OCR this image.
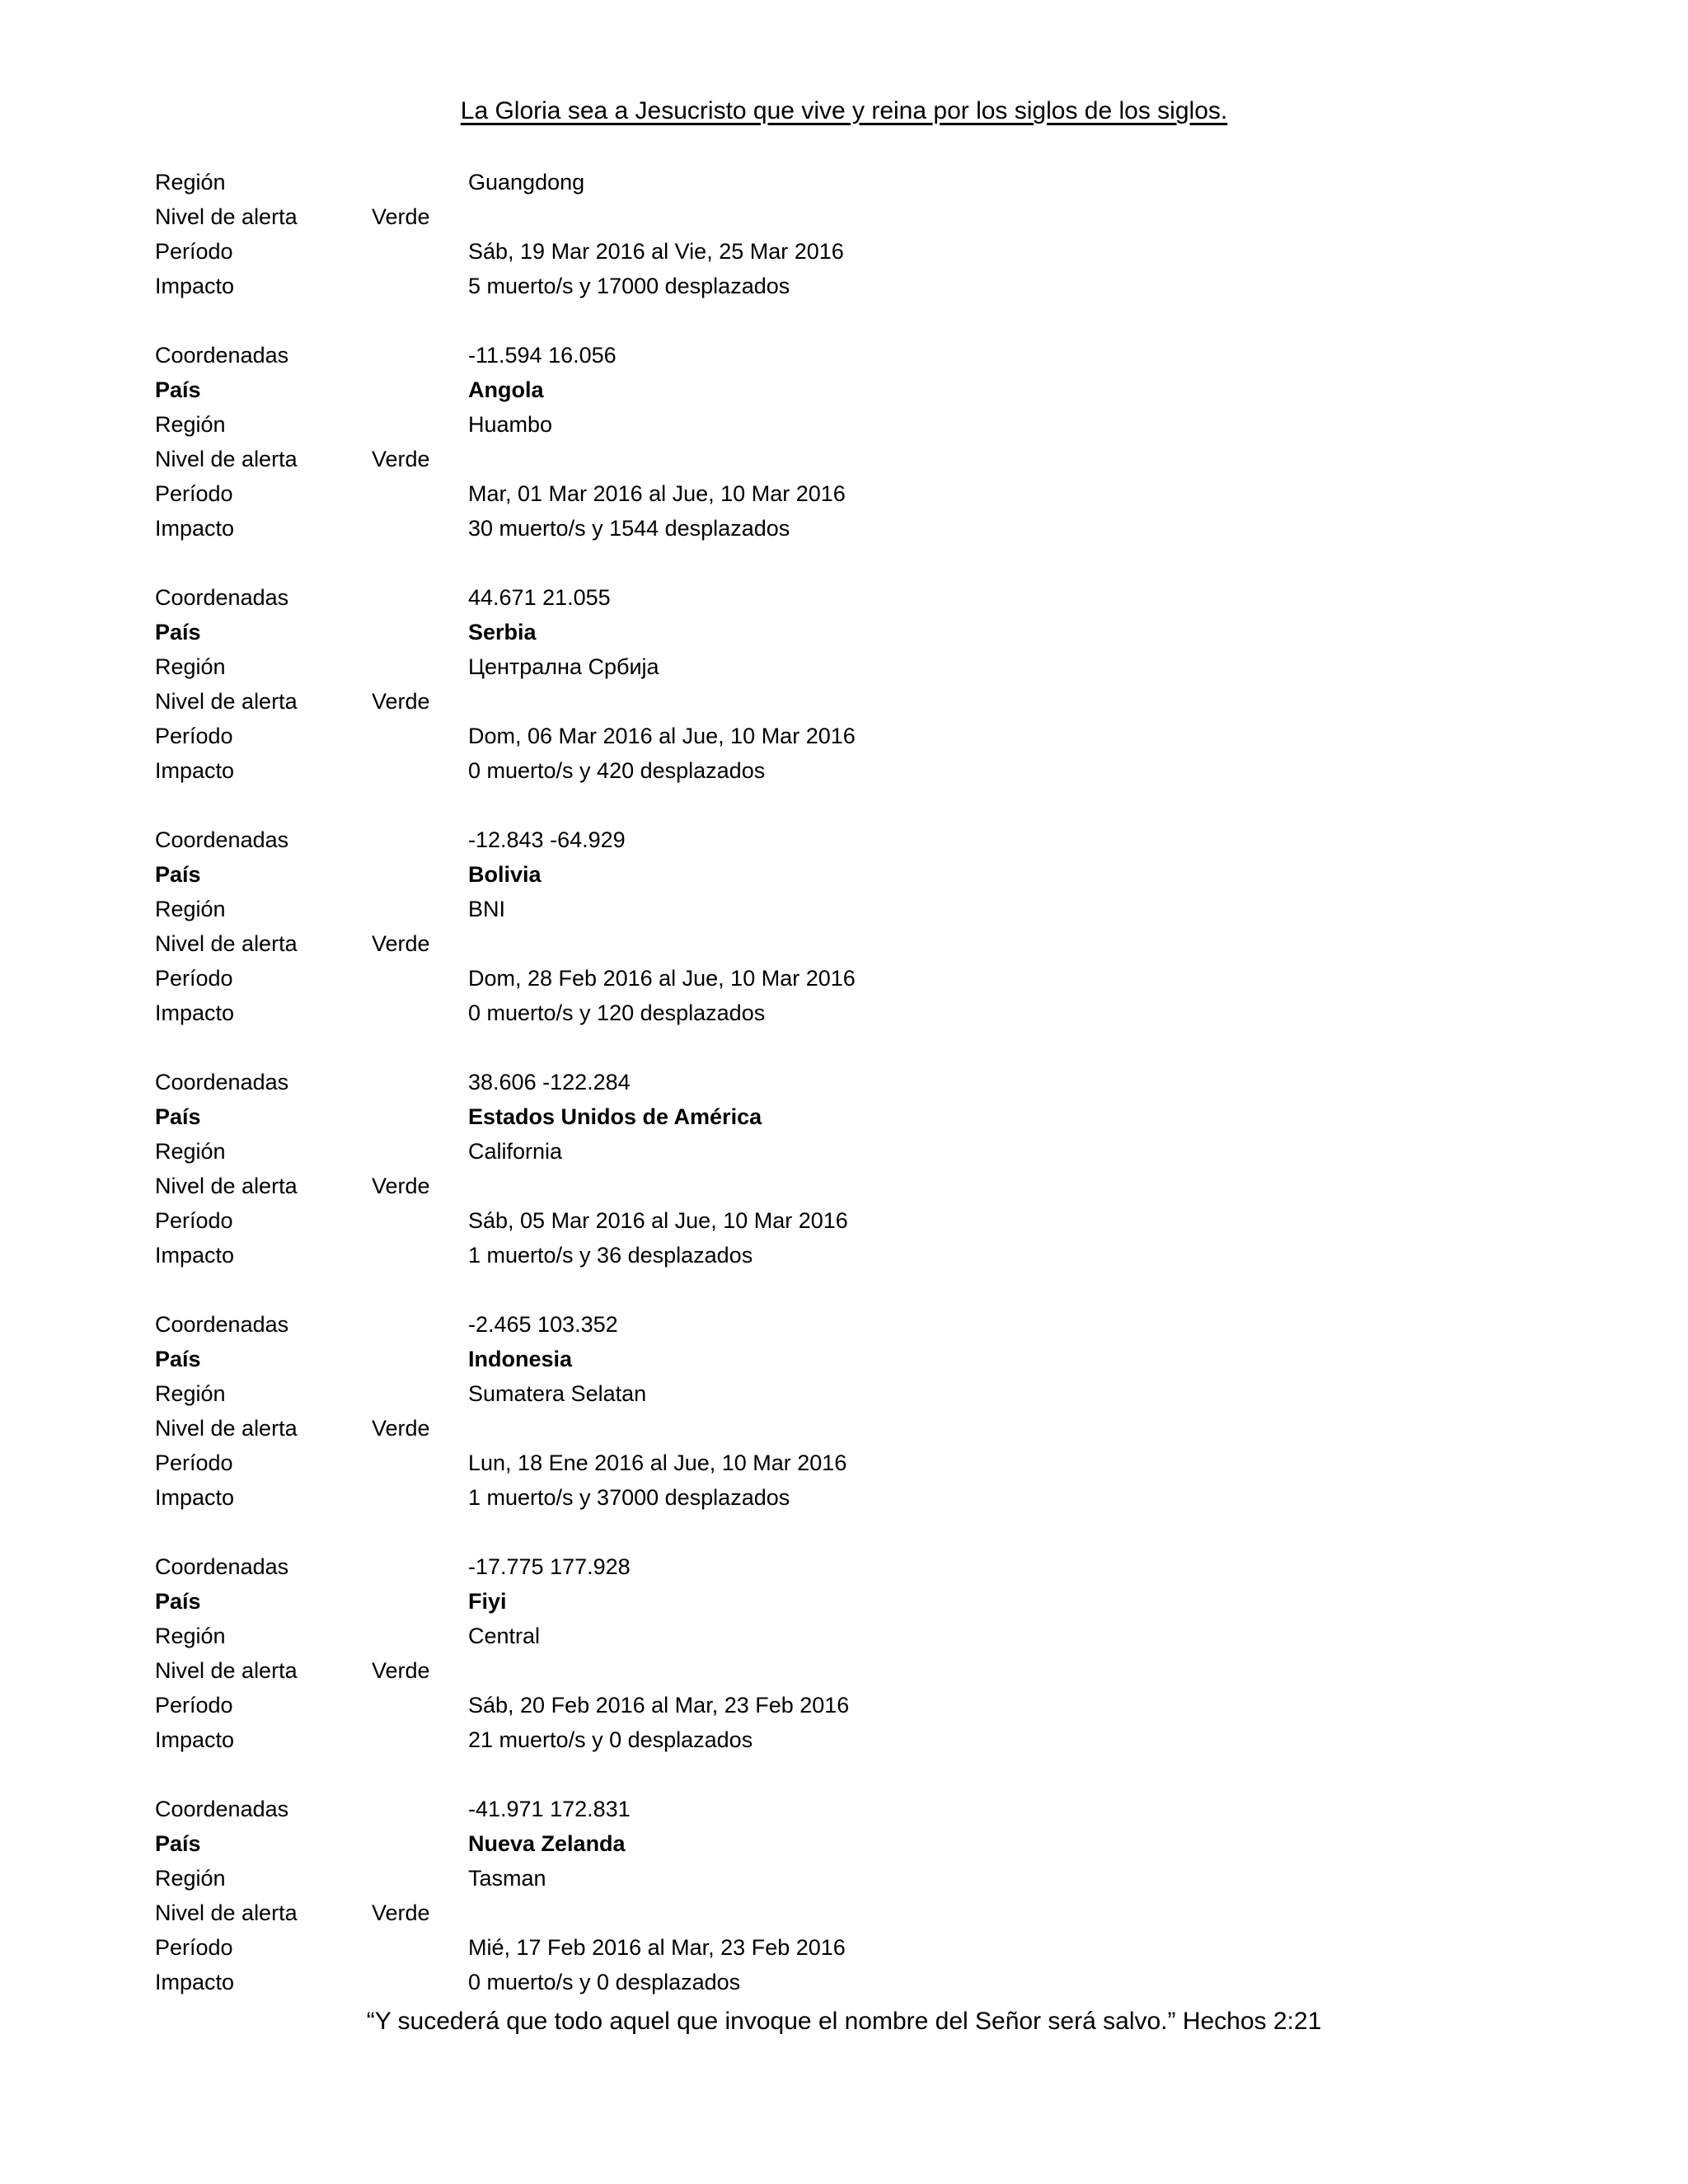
La Gloria sea a Jesucristo que vive y reina por los siglos de los siglos.
Región	Guangdong
Nivel de alerta	Verde
Período	Sáb, 19 Mar 2016 al Vie, 25 Mar 2016
Impacto	5 muerto/s y 17000 desplazados
Coordenadas	-11.594 16.056
País	Angola
Región	Huambo
Nivel de alerta	Verde
Período	Mar, 01 Mar 2016 al Jue, 10 Mar 2016
Impacto	30 muerto/s y 1544 desplazados
Coordenadas	44.671 21.055
País	Serbia
Región	Централна Србија
Nivel de alerta	Verde
Período	Dom, 06 Mar 2016 al Jue, 10 Mar 2016
Impacto	0 muerto/s y 420 desplazados
Coordenadas	-12.843 -64.929
País	Bolivia
Región	BNI
Nivel de alerta	Verde
Período	Dom, 28 Feb 2016 al Jue, 10 Mar 2016
Impacto	0 muerto/s y 120 desplazados
Coordenadas	38.606 -122.284
País	Estados Unidos de América
Región	California
Nivel de alerta	Verde
Período	Sáb, 05 Mar 2016 al Jue, 10 Mar 2016
Impacto	1 muerto/s y 36 desplazados
Coordenadas	-2.465 103.352
País	Indonesia
Región	Sumatera Selatan
Nivel de alerta	Verde
Período	Lun, 18 Ene 2016 al Jue, 10 Mar 2016
Impacto	1 muerto/s y 37000 desplazados
Coordenadas	-17.775 177.928
País	Fiyi
Región	Central
Nivel de alerta	Verde
Período	Sáb, 20 Feb 2016 al Mar, 23 Feb 2016
Impacto	21 muerto/s y 0 desplazados
Coordenadas	-41.971 172.831
País	Nueva Zelanda
Región	Tasman
Nivel de alerta	Verde
Período	Mié, 17 Feb 2016 al Mar, 23 Feb 2016
Impacto	0 muerto/s y 0 desplazados
“Y sucederá que todo aquel que invoque el nombre del Señor será salvo.” Hechos 2:21
